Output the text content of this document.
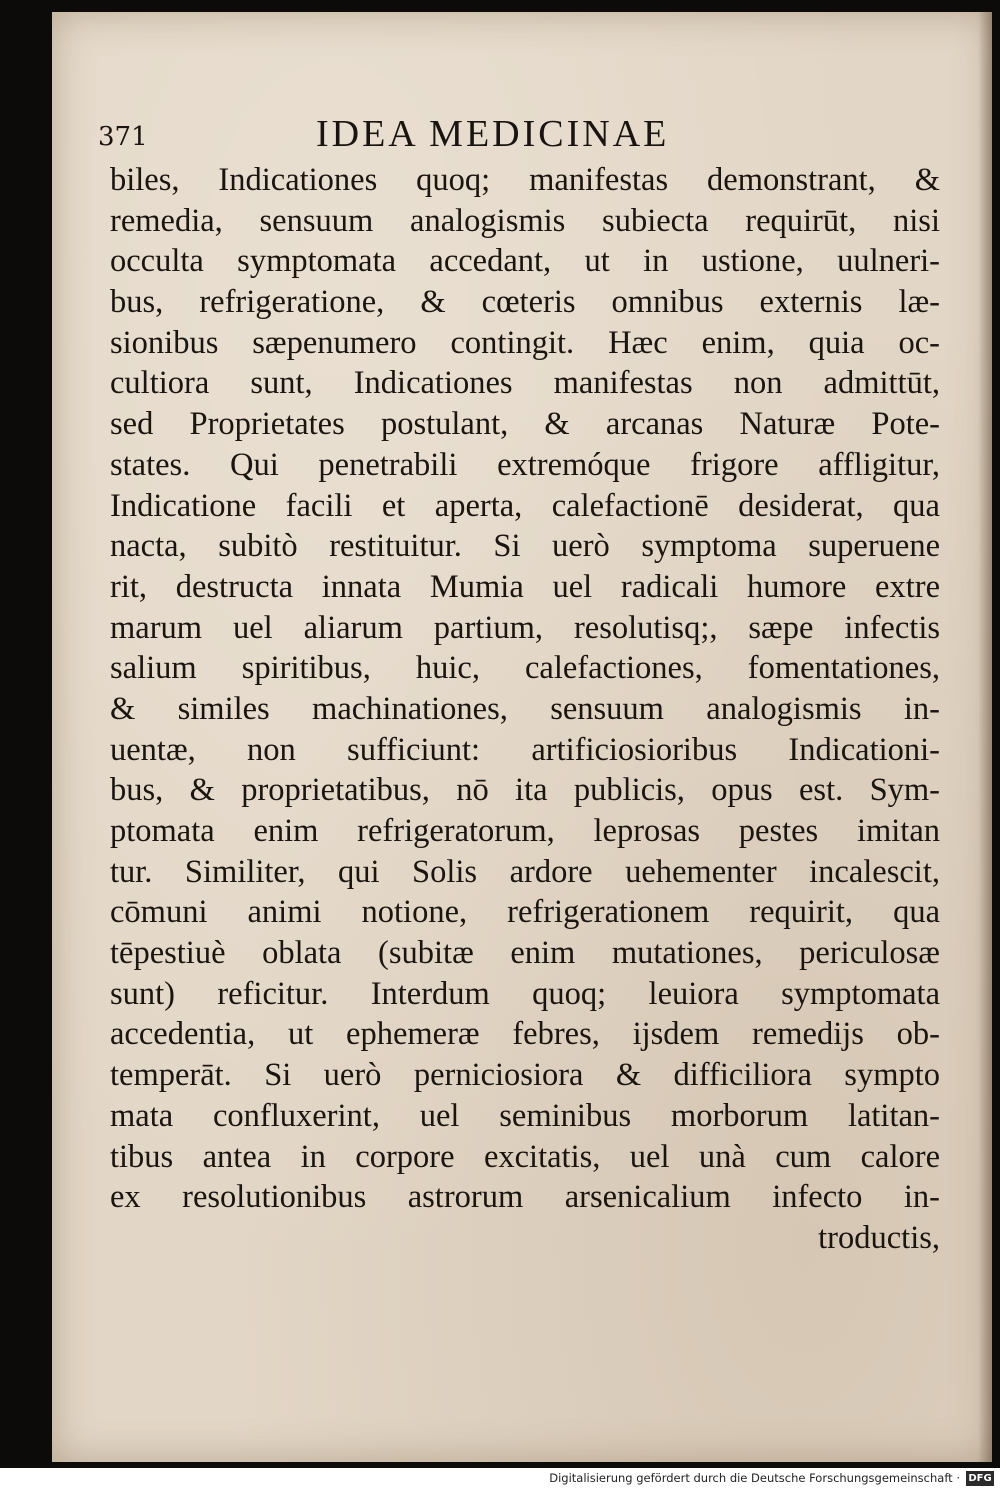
371	IDEA MEDICINAE
biles, Indicationes quoq; manifestas demonstrant, &
remedia, sensuum analogismis subiecta requirūt, nisi
occulta symptomata accedant, ut in ustione, uulneri-
bus, refrigeratione, & cœteris omnibus externis læ-
sionibus sæpenumero contingit. Hæc enim, quia oc-
cultiora sunt, Indicationes manifestas non admittūt,
sed Proprietates postulant, & arcanas Naturæ Pote-
states. Qui penetrabili extremóque frigore affligitur,
Indicatione facili et aperta, calefactionē desiderat, qua
nacta, subitò restituitur. Si uerò symptoma superuene
rit, destructa innata Mumia uel radicali humore extre
marum uel aliarum partium, resolutisq;, sæpe infectis
salium spiritibus, huic, calefactiones, fomentationes,
& similes machinationes, sensuum analogismis in-
uentæ, non sufficiunt: artificiosioribus Indicationi-
bus, & proprietatibus, nō ita publicis, opus est. Sym-
ptomata enim refrigeratorum, leprosas pestes imitan
tur. Similiter, qui Solis ardore uehementer incalescit,
cōmuni animi notione, refrigerationem requirit, qua
tēpestiuè oblata (subitæ enim mutationes, periculosæ
sunt) reficitur. Interdum quoq; leuiora symptomata
accedentia, ut ephemeræ febres, ijsdem remedijs ob-
temperāt. Si uerò perniciosiora & difficiliora sympto
mata confluxerint, uel seminibus morborum latitan-
tibus antea in corpore excitatis, uel unà cum calore
ex resolutionibus astrorum arsenicalium infecto in-
troductis,
Digitalisierung gefördert durch die Deutsche Forschungsgemeinschaft · DFG
